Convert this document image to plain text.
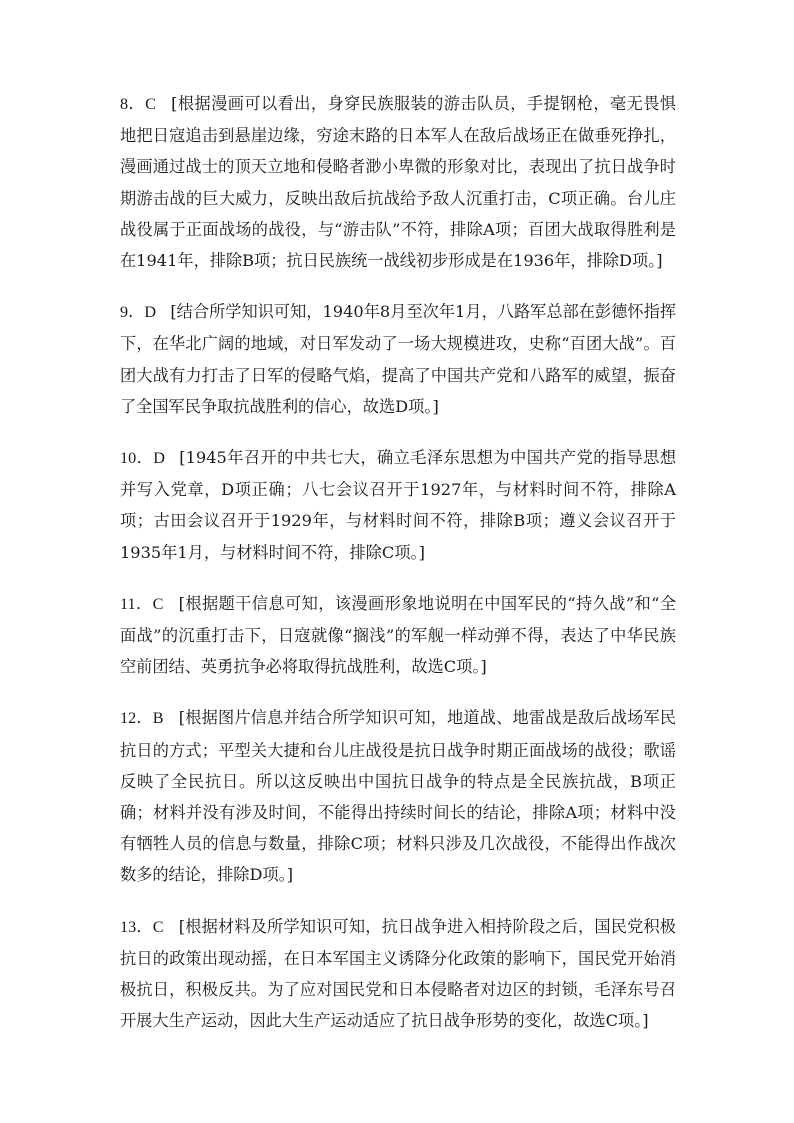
8．C [根据漫画可以看出，身穿民族服装的游击队员，手提钢枪，毫无畏惧地把日寇追击到悬崖边缘，穷途末路的日本军人在敌后战场正在做垂死挣扎，漫画通过战士的顶天立地和侵略者渺小卑微的形象对比，表现出了抗日战争时期游击战的巨大威力，反映出敌后抗战给予敌人沉重打击，C项正确。台儿庄战役属于正面战场的战役，与“游击队”不符，排除A项；百团大战取得胜利是在1941年，排除B项；抗日民族统一战线初步形成是在1936年，排除D项。]

9．D [结合所学知识可知，1940年8月至次年1月，八路军总部在彭德怀指挥下，在华北广阔的地域，对日军发动了一场大规模进攻，史称“百团大战”。百团大战有力打击了日军的侵略气焰，提高了中国共产党和八路军的威望，振奋了全国军民争取抗战胜利的信心，故选D项。]

10．D [1945年召开的中共七大，确立毛泽东思想为中国共产党的指导思想并写入党章，D项正确；八七会议召开于1927年，与材料时间不符，排除A项；古田会议召开于1929年，与材料时间不符，排除B项；遵义会议召开于1935年1月，与材料时间不符，排除C项。]

11．C [根据题干信息可知，该漫画形象地说明在中国军民的“持久战”和“全面战”的沉重打击下，日寇就像“搁浅”的军舰一样动弹不得，表达了中华民族空前团结、英勇抗争必将取得抗战胜利，故选C项。]

12．B [根据图片信息并结合所学知识可知，地道战、地雷战是敌后战场军民抗日的方式；平型关大捷和台儿庄战役是抗日战争时期正面战场的战役；歌谣反映了全民抗日。所以这反映出中国抗日战争的特点是全民族抗战，B项正确；材料并没有涉及时间，不能得出持续时间长的结论，排除A项；材料中没有牺牲人员的信息与数量，排除C项；材料只涉及几次战役，不能得出作战次数多的结论，排除D项。]

13．C [根据材料及所学知识可知，抗日战争进入相持阶段之后，国民党积极抗日的政策出现动摇，在日本军国主义诱降分化政策的影响下，国民党开始消极抗日，积极反共。为了应对国民党和日本侵略者对边区的封锁，毛泽东号召开展大生产运动，因此大生产运动适应了抗日战争形势的变化，故选C项。]
